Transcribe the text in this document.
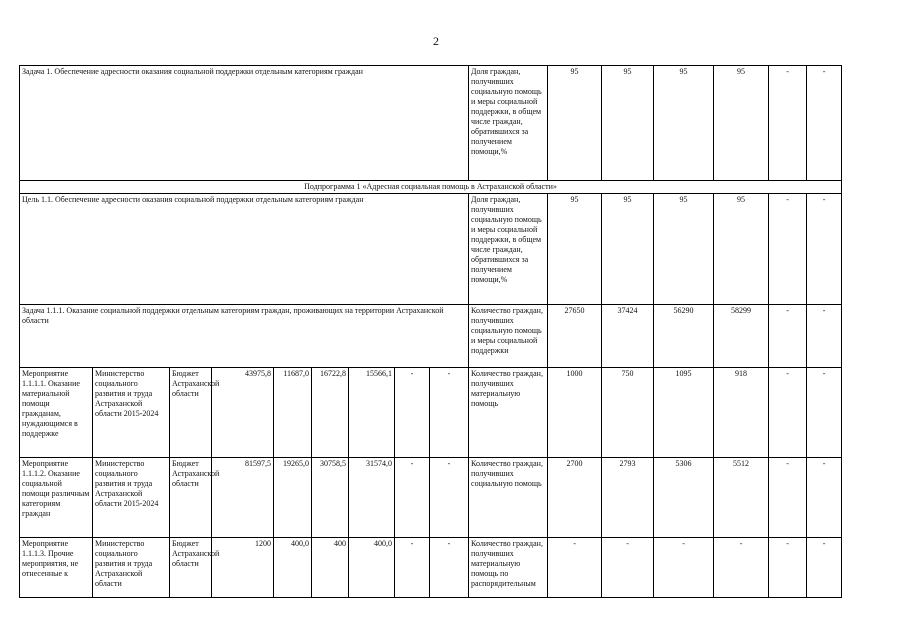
2
Задача 1. Обеспечение адресности оказания социальной поддержки отдельным категориям граждан									Доля граждан, получивших социальную помощь и меры социальной поддержки, в общем числе граждан, обратившихся за получением помощи,%	95	95	95	95	-	-
Подпрограмма 1 «Адресная социальная помощь в Астраханской области»															
Цель 1.1. Обеспечение адресности оказания социальной поддержки отдельным категориям граждан									Доля граждан, получивших социальную помощь и меры социальной поддержки, в общем числе граждан, обратившихся за получением помощи,%	95	95	95	95	-	-
Задача 1.1.1. Оказание социальной поддержки отдельным категориям граждан, проживающих на территории Астраханской области									Количество граждан, получивших социальную помощь и меры социальной поддержки	27650	37424	56290	58299	-	-
Мероприятие 1.1.1.1. Оказание материальной помощи гражданам, нуждающимся в поддержке	Министерство социального развития и труда Астраханской области 2015-2024	Бюджет Астраханской области	43975,8	11687,0	16722,8	15566,1	-	-	Количество граждан, получивших материальную помощь	1000	750	1095	918	-	-
Мероприятие 1.1.1.2. Оказание социальной помощи различным категориям граждан	Министерство социального развития и труда Астраханской области 2015-2024	Бюджет Астраханской области	81597,5	19265,0	30758,5	31574,0	-	-	Количество граждан, получивших социальную помощь	2700	2793	5306	5512	-	-
Мероприятие 1.1.1.3. Прочие мероприятия, не отнесенные к	Министерство социального развития и труда Астраханской области	Бюджет Астраханской области	1200	400,0	400	400,0	-	-	Количество граждан, получивших материальную помощь по распорядительным	-	-	-	-	-	-
